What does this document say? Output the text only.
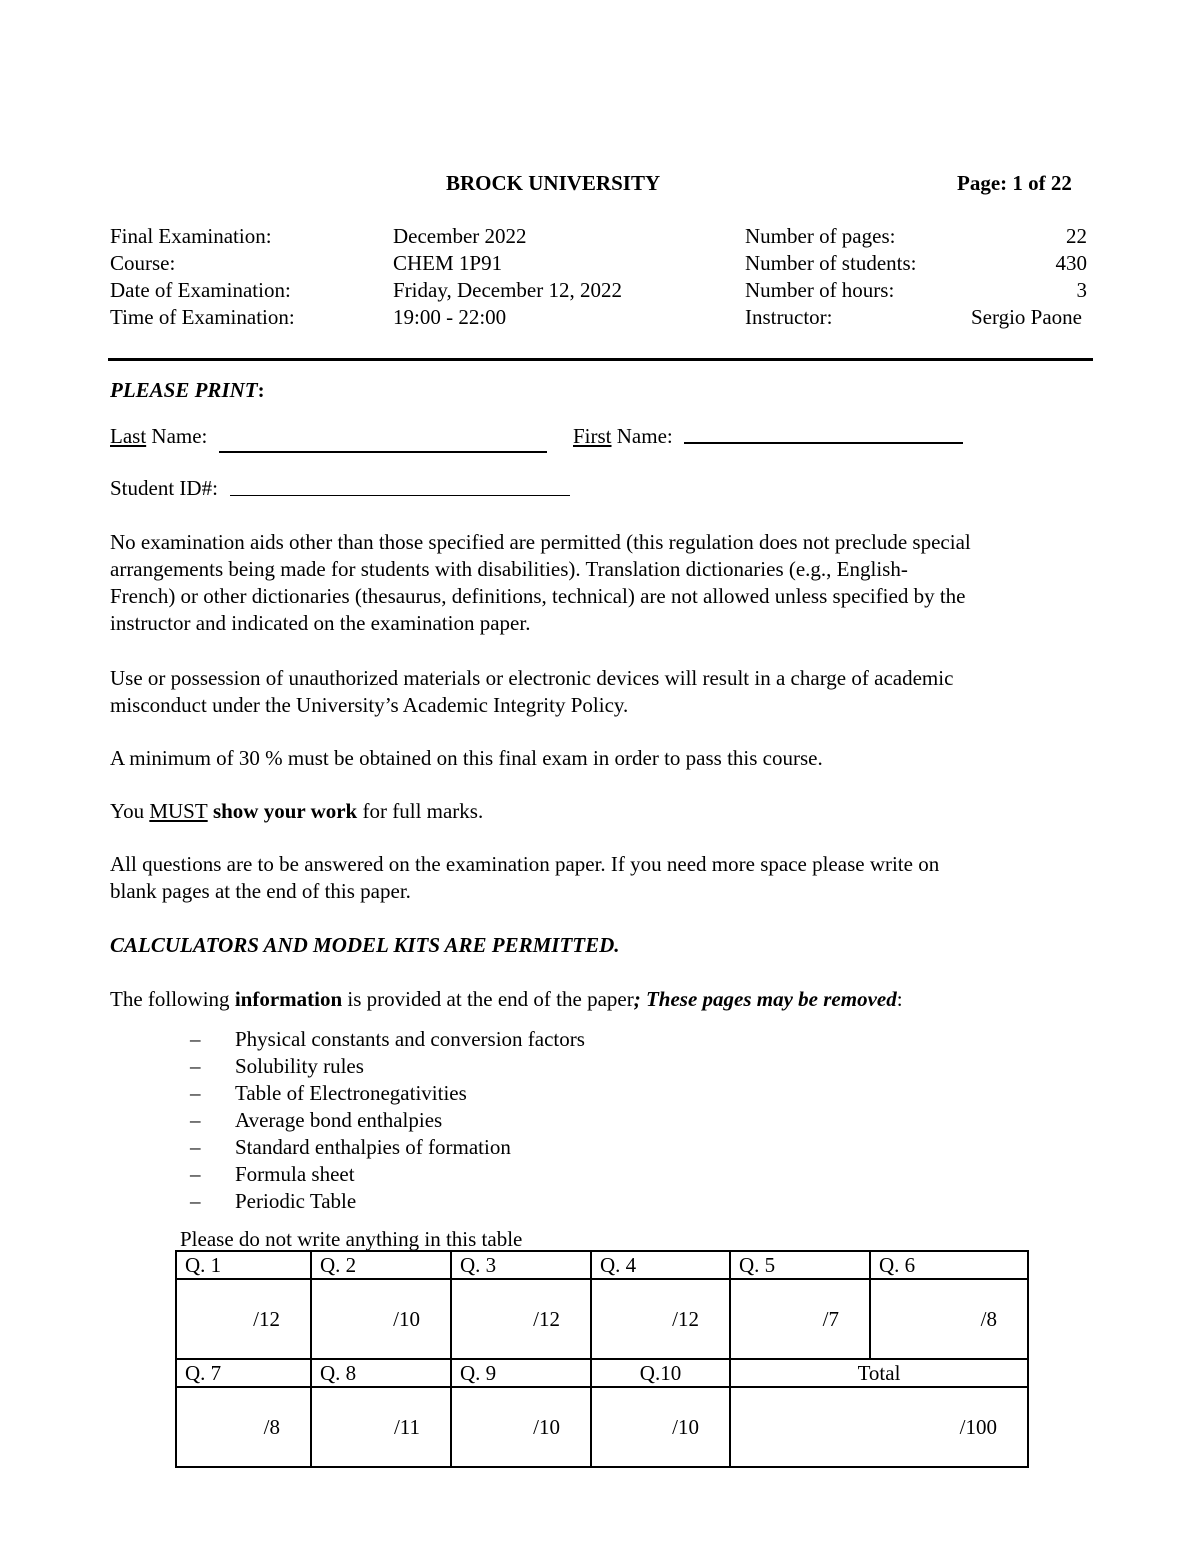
BROCK UNIVERSITY	Page: 1 of 22
Final Examination:	December 2022
Course:	CHEM 1P91
Date of Examination:	Friday, December 12, 2022
Time of Examination:	19:00 - 22:00
Number of pages:	22
Number of students:	430
Number of hours:	3
Instructor:	Sergio Paone
PLEASE PRINT:
Last Name:	First Name:
Student ID#:
No examination aids other than those specified are permitted (this regulation does not preclude special
arrangements being made for students with disabilities). Translation dictionaries (e.g., English-
French) or other dictionaries (thesaurus, definitions, technical) are not allowed unless specified by the
instructor and indicated on the examination paper.
Use or possession of unauthorized materials or electronic devices will result in a charge of academic
misconduct under the University’s Academic Integrity Policy.
A minimum of 30 % must be obtained on this final exam in order to pass this course.
You MUST show your work for full marks.
All questions are to be answered on the examination paper. If you need more space please write on
blank pages at the end of this paper.
CALCULATORS AND MODEL KITS ARE PERMITTED.
The following information is provided at the end of the paper; These pages may be removed:
– Physical constants and conversion factors
– Solubility rules
– Table of Electronegativities
– Average bond enthalpies
– Standard enthalpies of formation
– Formula sheet
– Periodic Table
Please do not write anything in this table
Q. 1	Q. 2	Q. 3	Q. 4	Q. 5	Q. 6
/12	/10	/12	/12	/7	/8
Q. 7	Q. 8	Q. 9	Q.10	Total	
/8	/11	/10	/10	/100	
